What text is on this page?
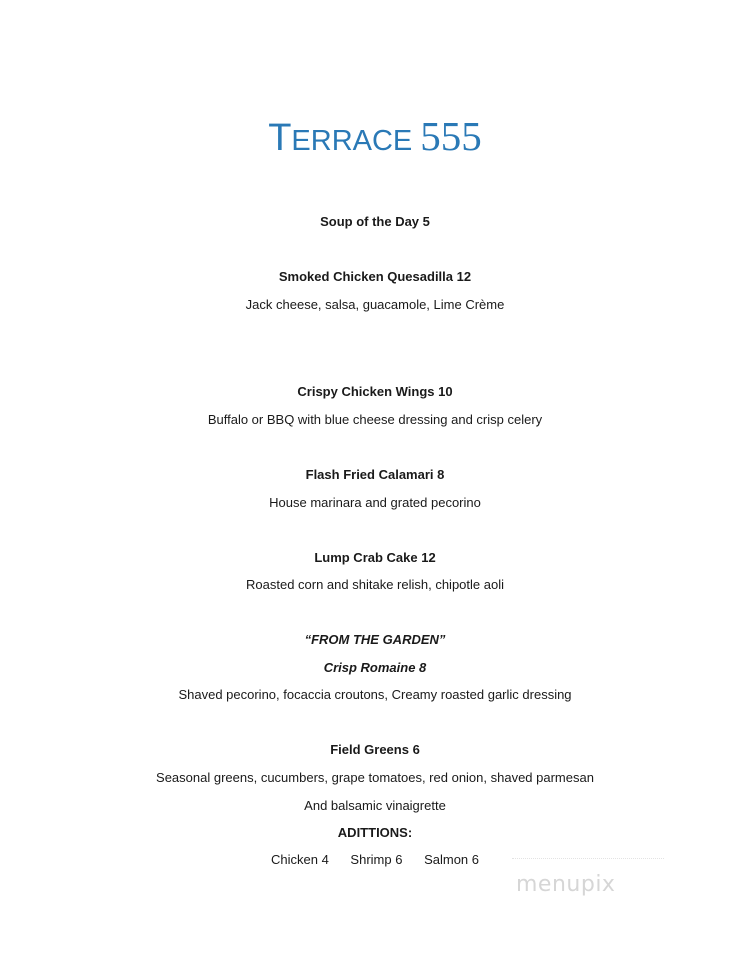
TERRACE 555
Soup of the Day 5
Smoked Chicken Quesadilla 12
Jack cheese, salsa, guacamole, Lime Crème
Crispy Chicken Wings 10
Buffalo or BBQ with blue cheese dressing and crisp celery
Flash Fried Calamari 8
House marinara and grated pecorino
Lump Crab Cake 12
Roasted corn and shitake relish, chipotle aoli
“FROM THE GARDEN”
Crisp Romaine 8
Shaved pecorino, focaccia croutons, Creamy roasted garlic dressing
Field Greens 6
Seasonal greens, cucumbers, grape tomatoes, red onion, shaved parmesan
And balsamic vinaigrette
ADITTIONS:
Chicken 4 Shrimp 6 Salmon 6
menupix
